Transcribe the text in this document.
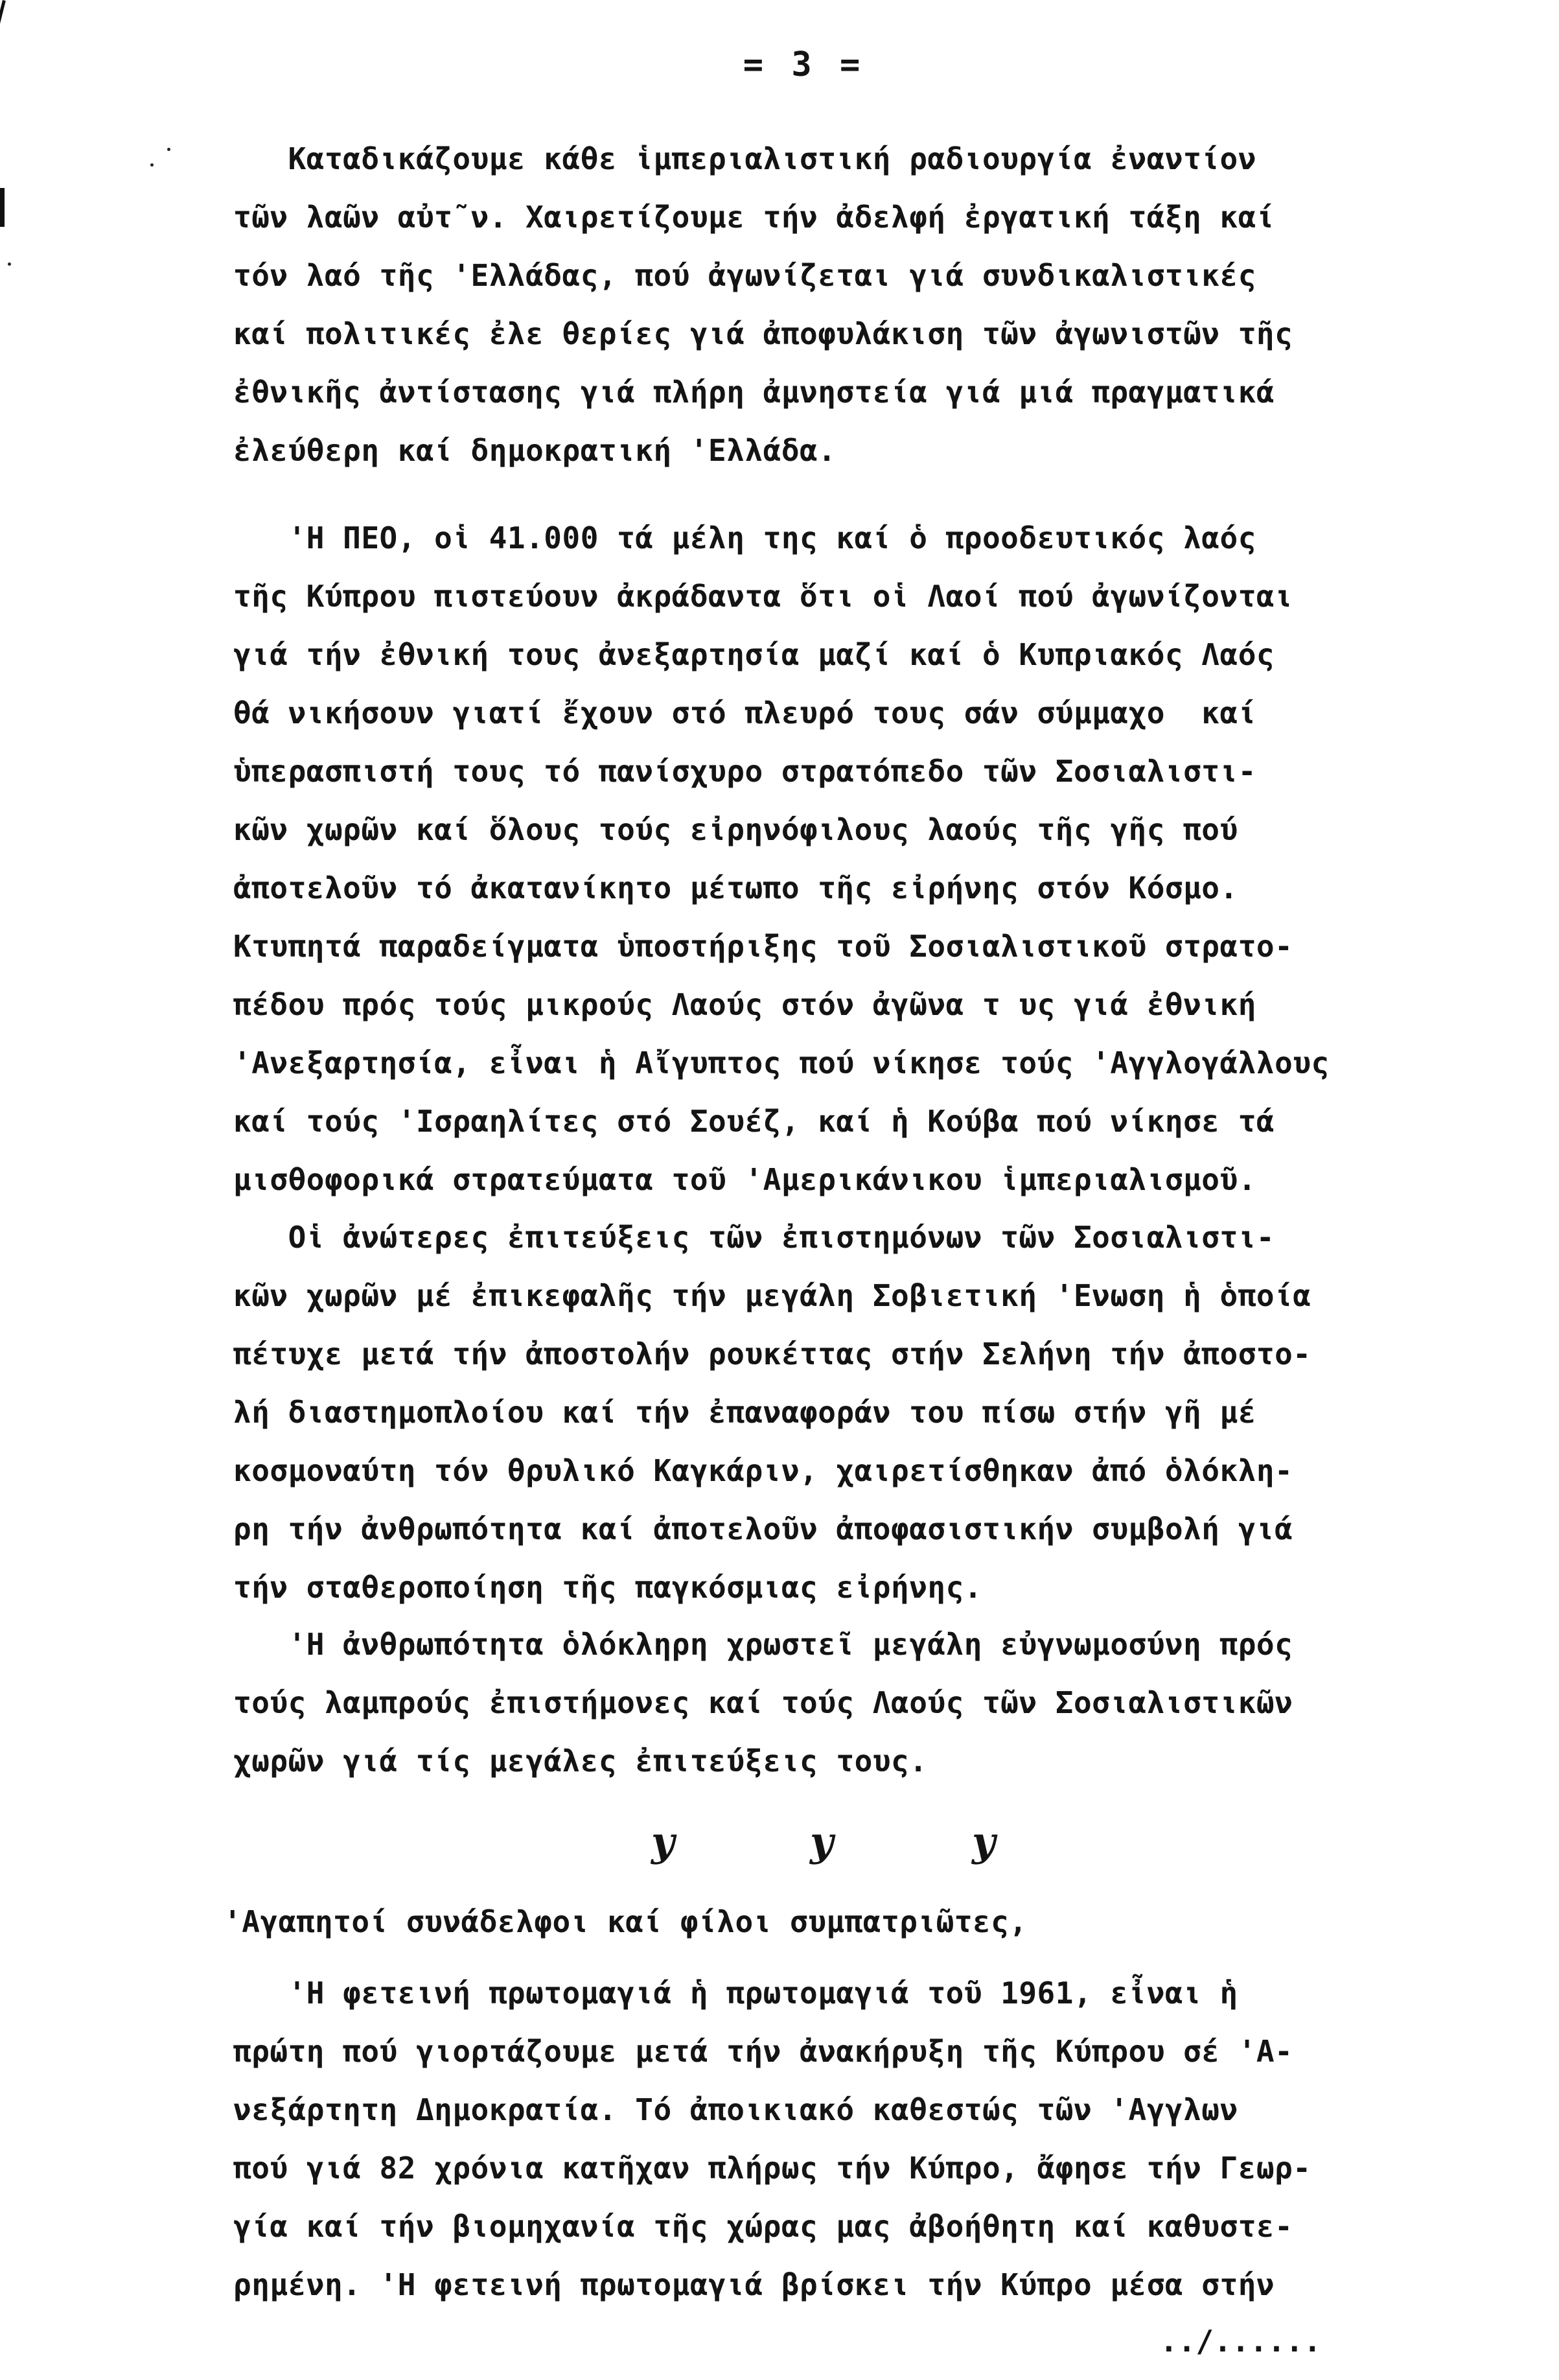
= 3 =
Καταδικάζουμε κάθε ἱμπεριαλιστική ραδιουργία ἐναντίον
τῶν λαῶν αὐτ῀ν. Χαιρετίζουμε τήν ἀδελφή ἐργατική τάξη καί
τόν λαό τῆς 'Ελλάδας, πού ἀγωνίζεται γιά συνδικαλιστικές
καί πολιτικές ἐλε θερίες γιά ἀποφυλάκιση τῶν ἀγωνιστῶν τῆς
ἐθνικῆς ἀντίστασης γιά πλήρη ἀμνηστεία γιά μιά πραγματικά
ἐλεύθερη καί δημοκρατική 'Ελλάδα.
'Η ΠΕΟ, οἱ 41.000 τά μέλη της καί ὁ προοδευτικός λαός
τῆς Κύπρου πιστεύουν ἀκράδαντα ὅτι οἱ Λαοί πού ἀγωνίζονται
γιά τήν ἐθνική τους ἀνεξαρτησία μαζί καί ὁ Κυπριακός Λαός
θά νικήσουν γιατί ἔχουν στό πλευρό τους σάν σύμμαχο  καί
ὑπερασπιστή τους τό πανίσχυρο στρατόπεδο τῶν Σοσιαλιστι-
κῶν χωρῶν καί ὅλους τούς εἰρηνόφιλους λαούς τῆς γῆς πού
ἀποτελοῦν τό ἀκατανίκητο μέτωπο τῆς εἰρήνης στόν Κόσμο.
Κτυπητά παραδείγματα ὑποστήριξης τοῦ Σοσιαλιστικοῦ στρατο-
πέδου πρός τούς μικρούς Λαούς στόν ἀγῶνα τ υς γιά ἐθνική
'Ανεξαρτησία, εἶναι ἡ Αἴγυπτος πού νίκησε τούς 'Αγγλογάλλους
καί τούς 'Ισραηλίτες στό Σουέζ, καί ἡ Κούβα πού νίκησε τά
μισθοφορικά στρατεύματα τοῦ 'Αμερικάνικου ἱμπεριαλισμοῦ.
Οἱ ἀνώτερες ἐπιτεύξεις τῶν ἐπιστημόνων τῶν Σοσιαλιστι-
κῶν χωρῶν μέ ἐπικεφαλῆς τήν μεγάλη Σοβιετική 'Ενωση ἡ ὁποία
πέτυχε μετά τήν ἀποστολήν ρουκέττας στήν Σελήνη τήν ἀποστο-
λή διαστημοπλοίου καί τήν ἐπαναφοράν του πίσω στήν γῆ μέ
κοσμοναύτη τόν θρυλικό Καγκάριν, χαιρετίσθηκαν ἀπό ὁλόκλη-
ρη τήν ἀνθρωπότητα καί ἀποτελοῦν ἀποφασιστικήν συμβολή γιά
τήν σταθεροποίηση τῆς παγκόσμιας εἰρήνης.
'Η ἀνθρωπότητα ὁλόκληρη χρωστεῖ μεγάλη εὐγνωμοσύνη πρός
τούς λαμπρούς ἐπιστήμονες καί τούς Λαούς τῶν Σοσιαλιστικῶν
χωρῶν γιά τίς μεγάλες ἐπιτεύξεις τους.
y	y	y
'Αγαπητοί συνάδελφοι καί φίλοι συμπατριῶτες,
'Η φετεινή πρωτομαγιά ἡ πρωτομαγιά τοῦ 1961, εἶναι ἡ
πρώτη πού γιορτάζουμε μετά τήν ἀνακήρυξη τῆς Κύπρου σέ 'Α-
νεξάρτητη Δημοκρατία. Τό ἀποικιακό καθεστώς τῶν 'Αγγλων
πού γιά 82 χρόνια κατῆχαν πλήρως τήν Κύπρο, ἄφησε τήν Γεωρ-
γία καί τήν βιομηχανία τῆς χώρας μας ἀβοήθητη καί καθυστε-
ρημένη. 'Η φετεινή πρωτομαγιά βρίσκει τήν Κύπρο μέσα στήν
../......
